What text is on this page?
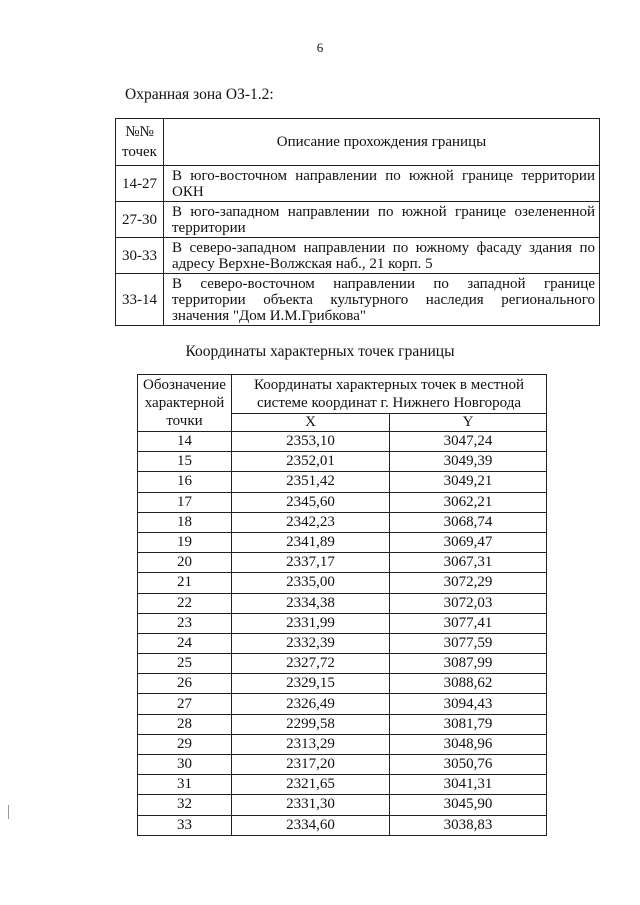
6
Охранная зона ОЗ-1.2:
№№
точек	Описание прохождения границы
14-27	В юго-восточном направлении по южной границе территории
ОКН

27-30	В юго-западном направлении по южной границе озелененной
территории

30-33	В северо-западном направлении по южному фасаду здания по
адресу Верхне-Волжская наб., 21 корп. 5

33-14	В северо-восточном направлении по западной границе
территории объекта культурного наследия регионального
значения "Дом И.М.Грибкова"
Координаты характерных точек границы
Обозначение характерной точки	Координаты характерных точек в местной системе координат г. Нижнего Новгорода	
	X	Y
14	2353,10	3047,24
15	2352,01	3049,39
16	2351,42	3049,21
17	2345,60	3062,21
18	2342,23	3068,74
19	2341,89	3069,47
20	2337,17	3067,31
21	2335,00	3072,29
22	2334,38	3072,03
23	2331,99	3077,41
24	2332,39	3077,59
25	2327,72	3087,99
26	2329,15	3088,62
27	2326,49	3094,43
28	2299,58	3081,79
29	2313,29	3048,96
30	2317,20	3050,76
31	2321,65	3041,31
32	2331,30	3045,90
33	2334,60	3038,83
